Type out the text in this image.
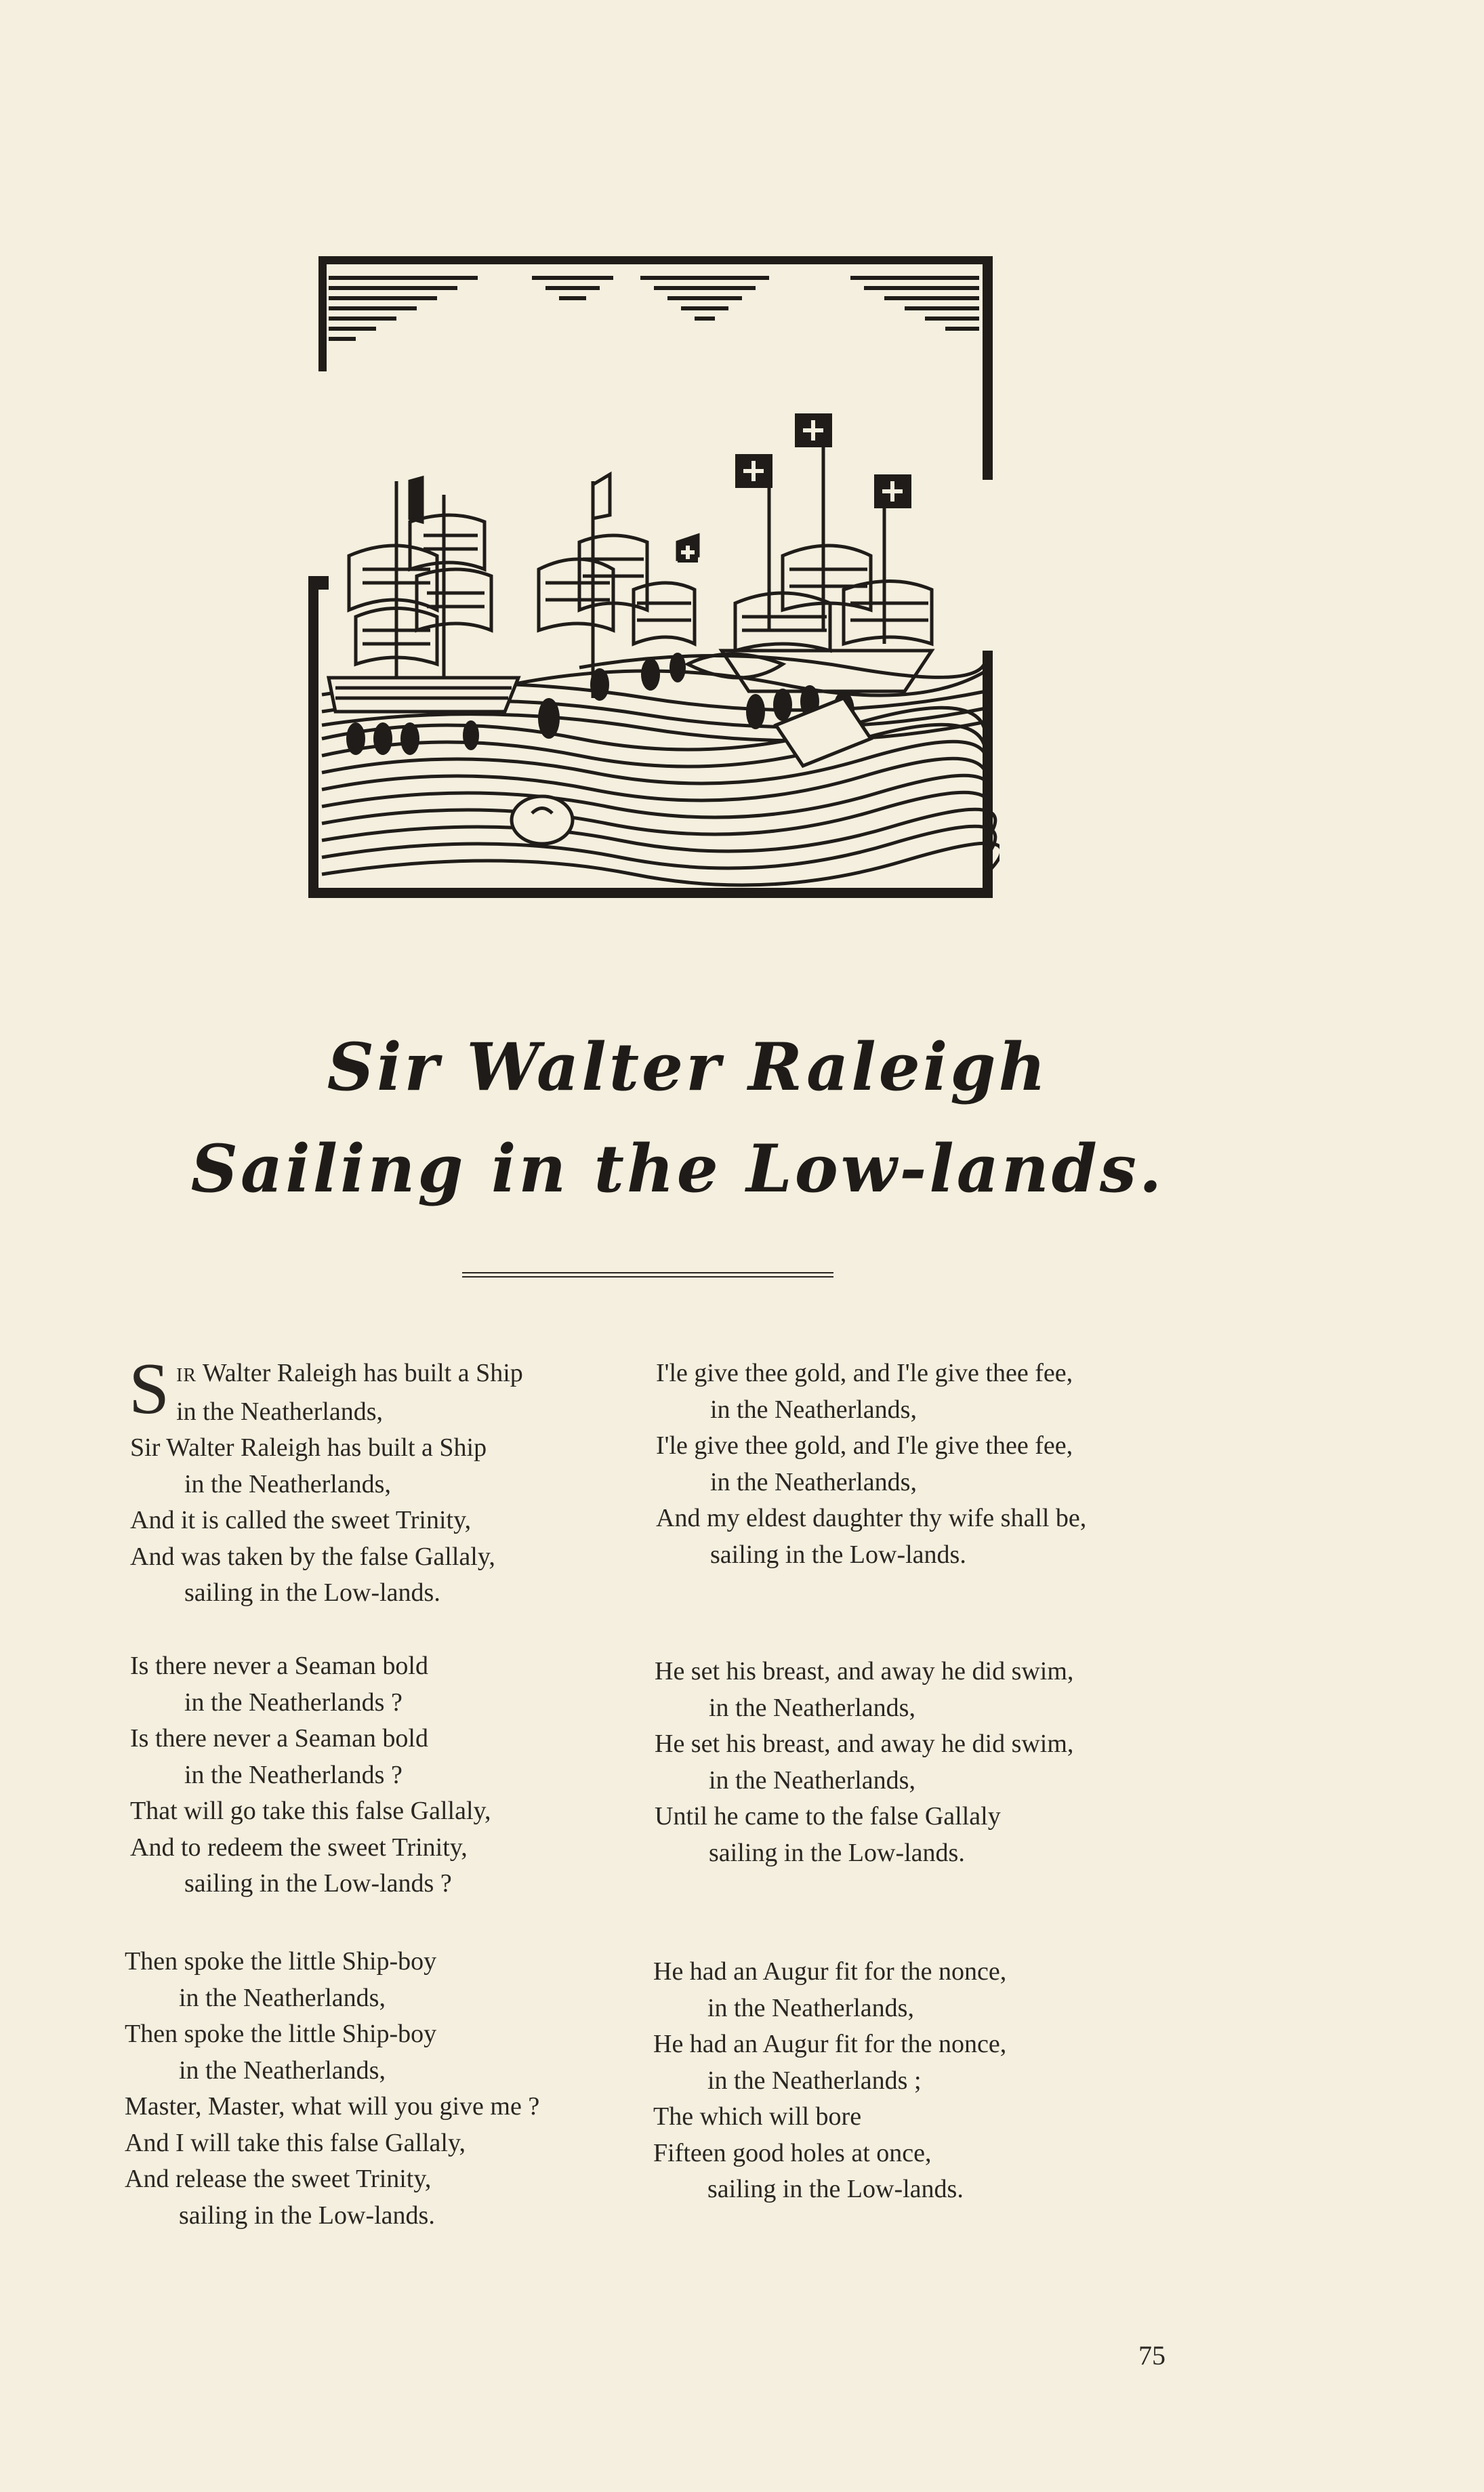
Sir Walter Raleigh
Sailing in the Low-lands.
S IR Walter Raleigh has built a Ship
in the Neatherlands,
Sir Walter Raleigh has built a Ship
in the Neatherlands,
And it is called the sweet Trinity,
And was taken by the false Gallaly,
sailing in the Low-lands.
Is there never a Seaman bold
in the Neatherlands ?
Is there never a Seaman bold
in the Neatherlands ?
That will go take this false Gallaly,
And to redeem the sweet Trinity,
sailing in the Low-lands ?
Then spoke the little Ship-boy
in the Neatherlands,
Then spoke the little Ship-boy
in the Neatherlands,
Master, Master, what will you give me ?
And I will take this false Gallaly,
And release the sweet Trinity,
sailing in the Low-lands.
I'le give thee gold, and I'le give thee fee,
in the Neatherlands,
I'le give thee gold, and I'le give thee fee,
in the Neatherlands,
And my eldest daughter thy wife shall be,
sailing in the Low-lands.
He set his breast, and away he did swim,
in the Neatherlands,
He set his breast, and away he did swim,
in the Neatherlands,
Until he came to the false Gallaly
sailing in the Low-lands.
He had an Augur fit for the nonce,
in the Neatherlands,
He had an Augur fit for the nonce,
in the Neatherlands ;
The which will bore
Fifteen good holes at once,
sailing in the Low-lands.
75
